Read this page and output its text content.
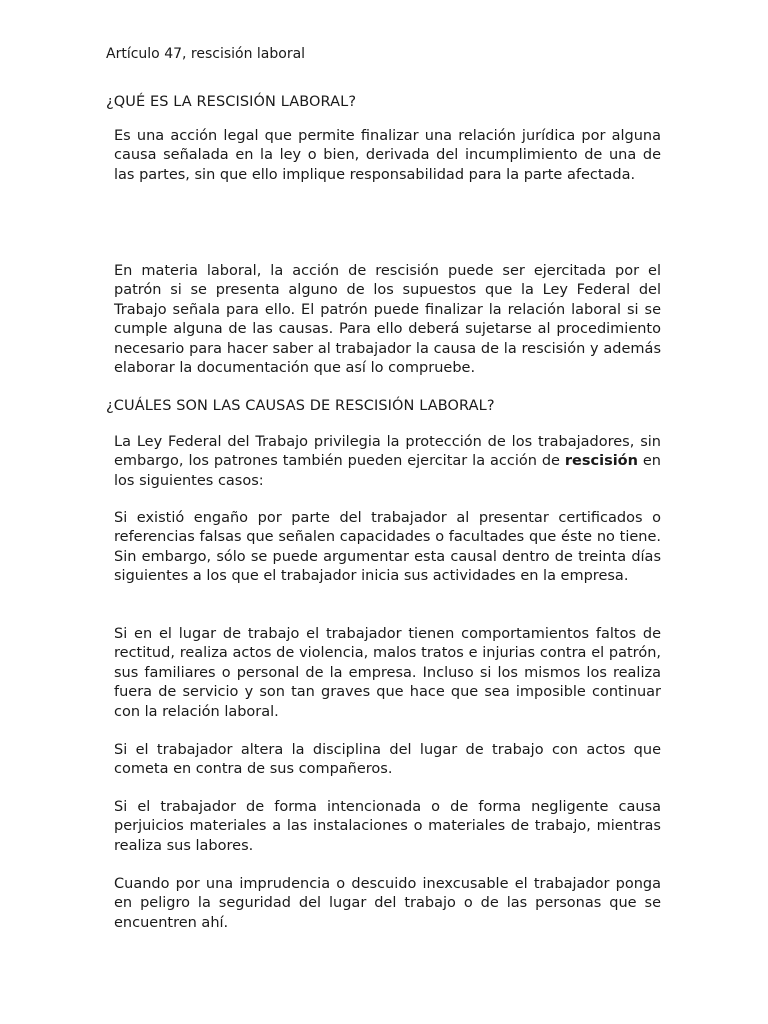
Artículo 47, rescisión laboral

¿QUÉ ES LA RESCISIÓN LABORAL?

Es una acción legal que permite finalizar una relación jurídica por alguna causa señalada en la ley o bien, derivada del incumplimiento de una de las partes, sin que ello implique responsabilidad para la parte afectada.

En materia laboral, la acción de rescisión puede ser ejercitada por el patrón si se presenta alguno de los supuestos que la Ley Federal del Trabajo señala para ello. El patrón puede finalizar la relación laboral si se cumple alguna de las causas. Para ello deberá sujetarse al procedimiento necesario para hacer saber al trabajador la causa de la rescisión y además elaborar la documentación que así lo compruebe.

¿CUÁLES SON LAS CAUSAS DE RESCISIÓN LABORAL?

La Ley Federal del Trabajo privilegia la protección de los trabajadores, sin embargo, los patrones también pueden ejercitar la acción de rescisión en los siguientes casos:

Si existió engaño por parte del trabajador al presentar certificados o referencias falsas que señalen capacidades o facultades que éste no tiene. Sin embargo, sólo se puede argumentar esta causal dentro de treinta días siguientes a los que el trabajador inicia sus actividades en la empresa.

Si en el lugar de trabajo el trabajador tienen comportamientos faltos de rectitud, realiza actos de violencia, malos tratos e injurias contra el patrón, sus familiares o personal de la empresa. Incluso si los mismos los realiza fuera de servicio y son tan graves que hace que sea imposible continuar con la relación laboral.

Si el trabajador altera la disciplina del lugar de trabajo con actos que cometa en contra de sus compañeros.

Si el trabajador de forma intencionada o de forma negligente causa perjuicios materiales a las instalaciones o materiales de trabajo, mientras realiza sus labores.

Cuando por una imprudencia o descuido inexcusable el trabajador ponga en peligro la seguridad del lugar del trabajo o de las personas que se encuentren ahí.
